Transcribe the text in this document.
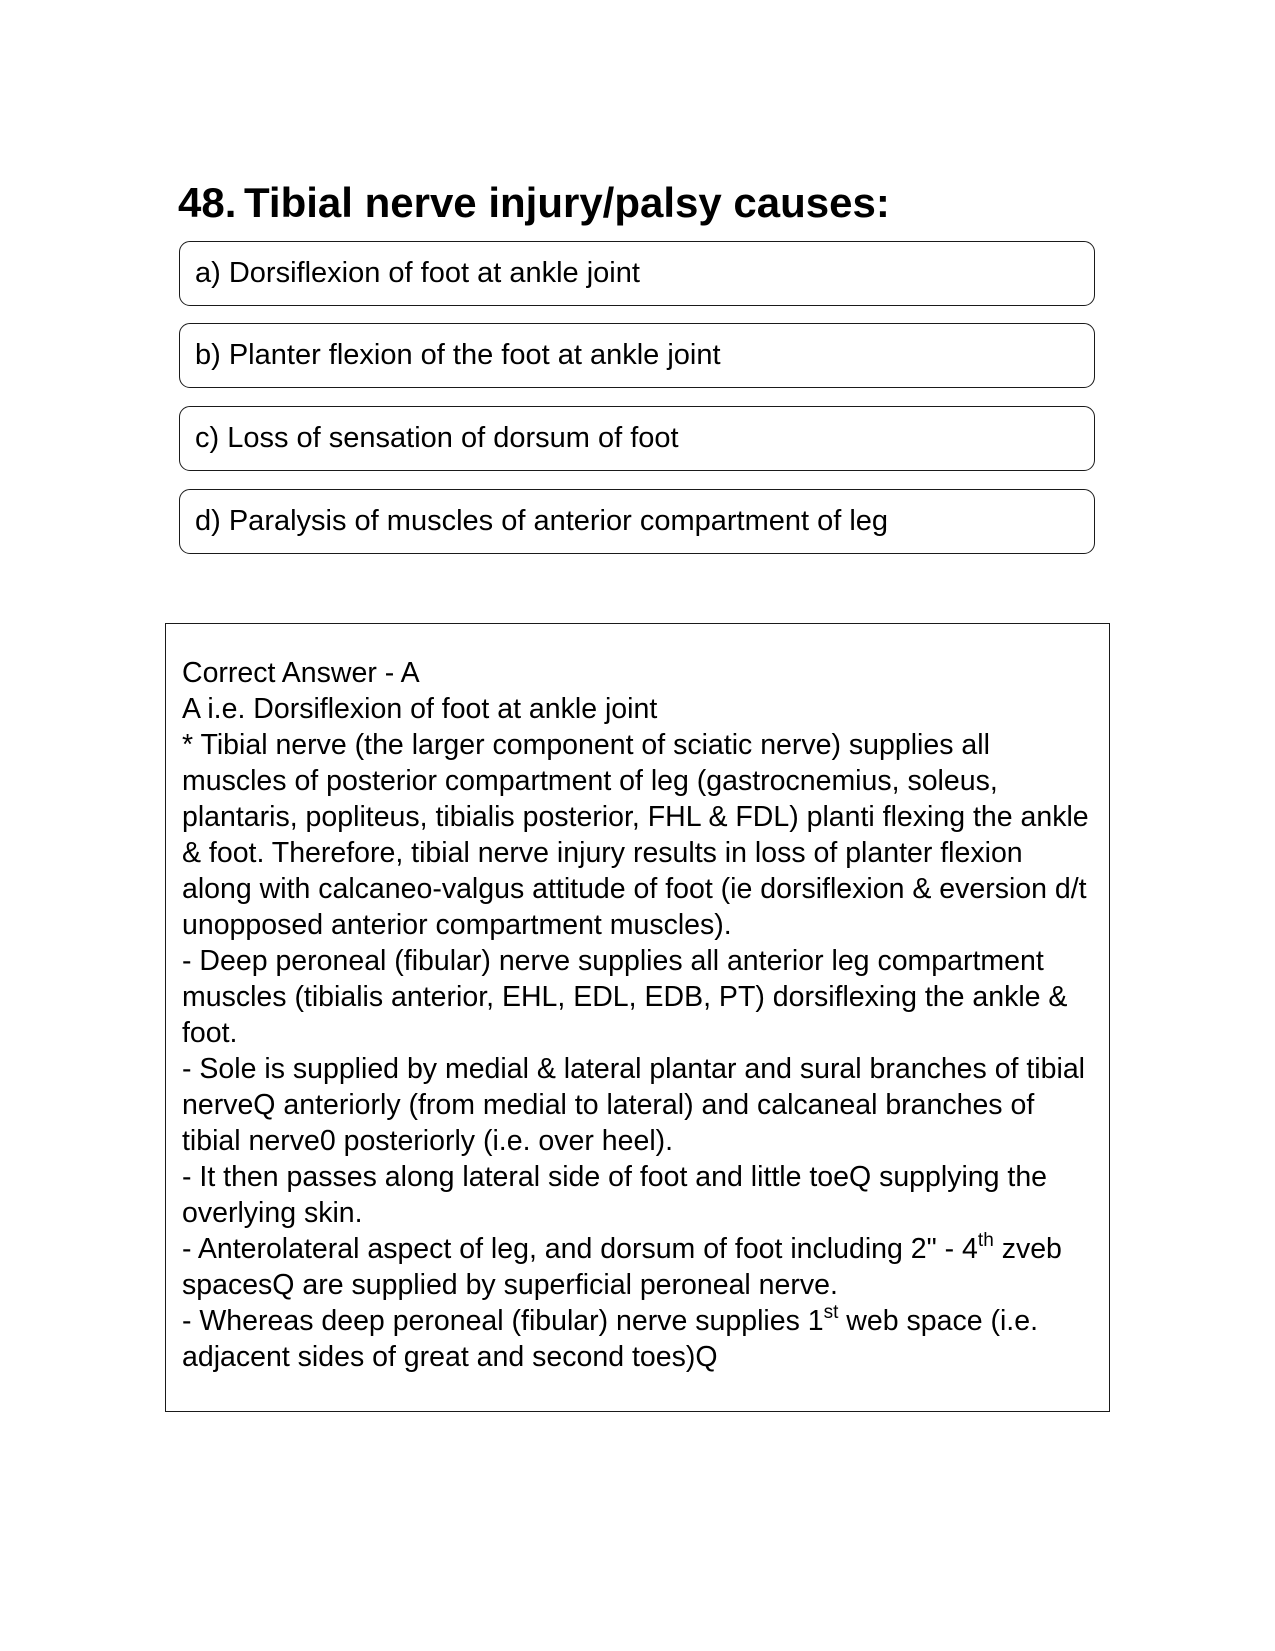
48. Tibial nerve injury/palsy causes:
a) Dorsiflexion of foot at ankle joint
b) Planter flexion of the foot at ankle joint
c) Loss of sensation of dorsum of foot
d) Paralysis of muscles of anterior compartment of leg

Correct Answer - A

A i.e. Dorsiflexion of foot at ankle joint

* Tibial nerve (the larger component of sciatic nerve) supplies all muscles of posterior compartment of leg (gastrocnemius, soleus, plantaris, popliteus, tibialis posterior, FHL & FDL) planti flexing the ankle & foot. Therefore, tibial nerve injury results in loss of planter flexion along with calcaneo-valgus attitude of foot (ie dorsiflexion & eversion d/t unopposed anterior compartment muscles).

- Deep peroneal (fibular) nerve supplies all anterior leg compartment muscles (tibialis anterior, EHL, EDL, EDB, PT) dorsiflexing the ankle & foot.

- Sole is supplied by medial & lateral plantar and sural branches of tibial nerveQ anteriorly (from medial to lateral) and calcaneal branches of tibial nerve0 posteriorly (i.e. over heel).

- It then passes along lateral side of foot and little toeQ supplying the overlying skin.

- Anterolateral aspect of leg, and dorsum of foot including 2" - 4th zveb spacesQ are supplied by superficial peroneal nerve.

- Whereas deep peroneal (fibular) nerve supplies 1st web space (i.e. adjacent sides of great and second toes)Q
